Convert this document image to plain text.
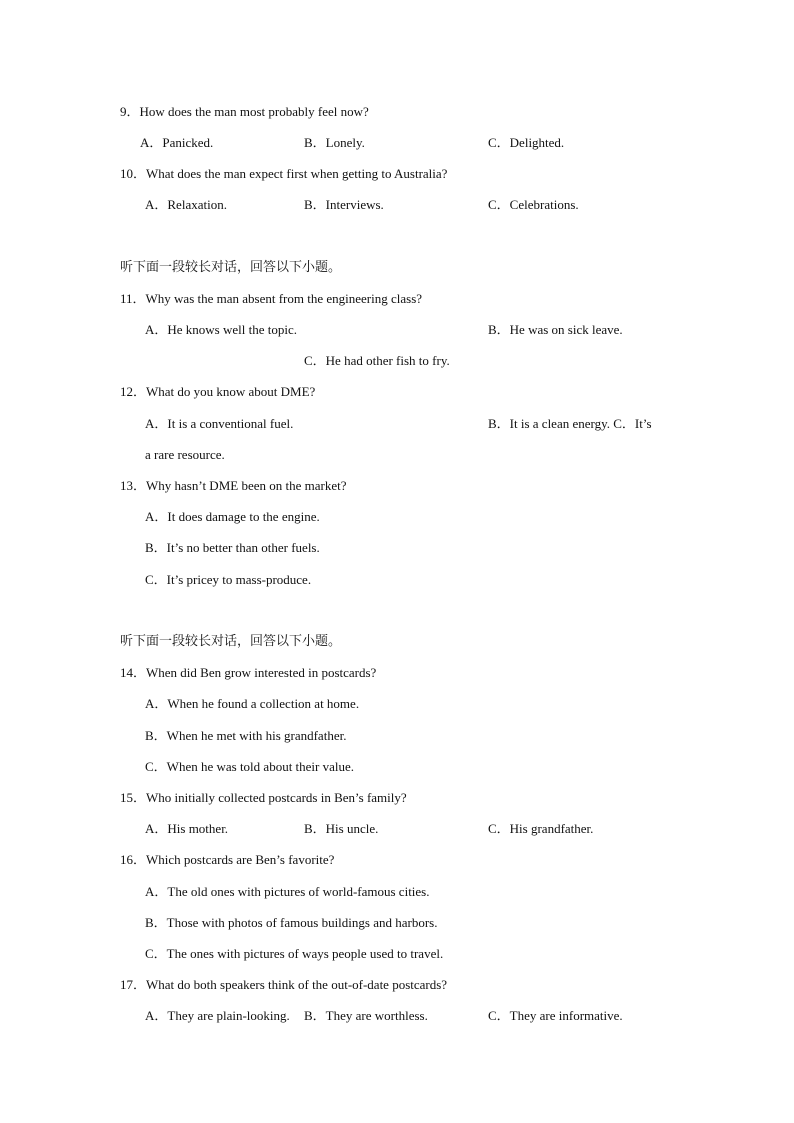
9．How does the man most probably feel now?
A．Panicked.	B．Lonely.	C．Delighted.
10．What does the man expect first when getting to Australia?
A．Relaxation.	B．Interviews.	C．Celebrations.
听下面一段较长对话，回答以下小题。
11．Why was the man absent from the engineering class?
A．He knows well the topic.	B．He was on sick leave.
C．He had other fish to fry.
12．What do you know about DME?
A．It is a conventional fuel.	B．It is a clean energy. C．It’s
a rare resource.
13．Why hasn’t DME been on the market?
A．It does damage to the engine.
B．It’s no better than other fuels.
C．It’s pricey to mass-produce.
听下面一段较长对话，回答以下小题。
14．When did Ben grow interested in postcards?
A．When he found a collection at home.
B．When he met with his grandfather.
C．When he was told about their value.
15．Who initially collected postcards in Ben’s family?
A．His mother.	B．His uncle.	C．His grandfather.
16．Which postcards are Ben’s favorite?
A．The old ones with pictures of world-famous cities.
B．Those with photos of famous buildings and harbors.
C．The ones with pictures of ways people used to travel.
17．What do both speakers think of the out-of-date postcards?
A．They are plain-looking. B．They are worthless.	C．They are informative.
